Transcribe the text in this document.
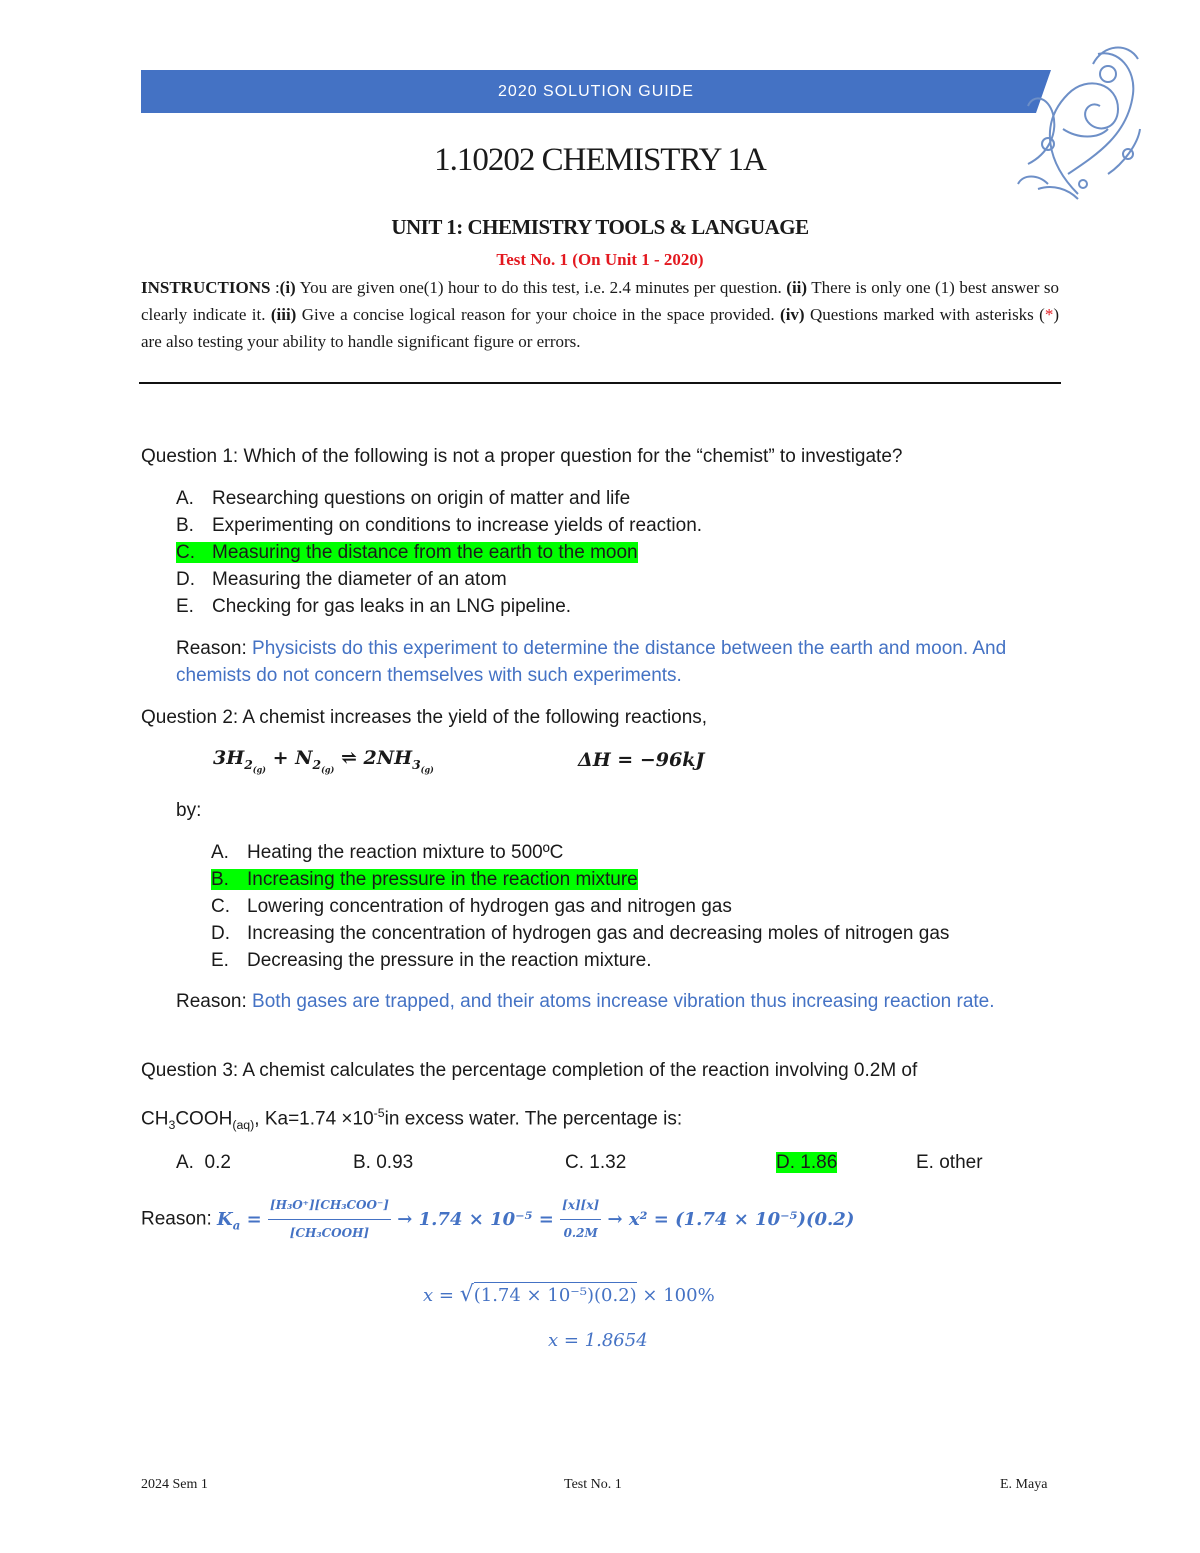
2020 SOLUTION GUIDE
1.10202 CHEMISTRY 1A
UNIT 1: CHEMISTRY TOOLS & LANGUAGE
Test No. 1 (On Unit 1 - 2020)
INSTRUCTIONS :(i) You are given one(1) hour to do this test, i.e. 2.4 minutes per question. (ii) There is only one (1) best answer so clearly indicate it. (iii) Give a concise logical reason for your choice in the space provided. (iv) Questions marked with asterisks (*) are also testing your ability to handle significant figure or errors.
Question 1: Which of the following is not a proper question for the “chemist” to investigate?
A. Researching questions on origin of matter and life
B. Experimenting on conditions to increase yields of reaction.
C. Measuring the distance from the earth to the moon
D. Measuring the diameter of an atom
E. Checking for gas leaks in an LNG pipeline.
Reason: Physicists do this experiment to determine the distance between the earth and moon. And chemists do not concern themselves with such experiments.
Question 2: A chemist increases the yield of the following reactions,
$3H_{2_{(g)}} + N_{2_{(g)}}$ ⇌ $2NH_{3_{(g)}}$	ΔH = −96kJ
by:
A. Heating the reaction mixture to 500ºC
B. Increasing the pressure in the reaction mixture
C. Lowering concentration of hydrogen gas and nitrogen gas
D. Increasing the concentration of hydrogen gas and decreasing moles of nitrogen gas
E. Decreasing the pressure in the reaction mixture.
Reason: Both gases are trapped, and their atoms increase vibration thus increasing reaction rate.
Question 3: A chemist calculates the percentage completion of the reaction involving 0.2M of
$CH_3COOH_{(aq)}$, $Ka=1.74 \times 10^{-5}in$ excess water. The percentage is:
A. 0.2	B. 0.93	C. 1.32	D. 1.86	E. other
Reason: $K_a = \frac{\text{[H₃O⁺][CH₃COO⁻]}}{\text{[CH₃COOH]}} \to 1.74 \times 10^{-5} = \frac{[x][x]}{0.2M} \to x^2 = (1.74 \times 10^{-5})(0.2)$
x = √(1.74 × 10⁻⁵)(0.2) × 100%
x = 1.8654
2024 Sem 1	Test No. 1	E. Maya
